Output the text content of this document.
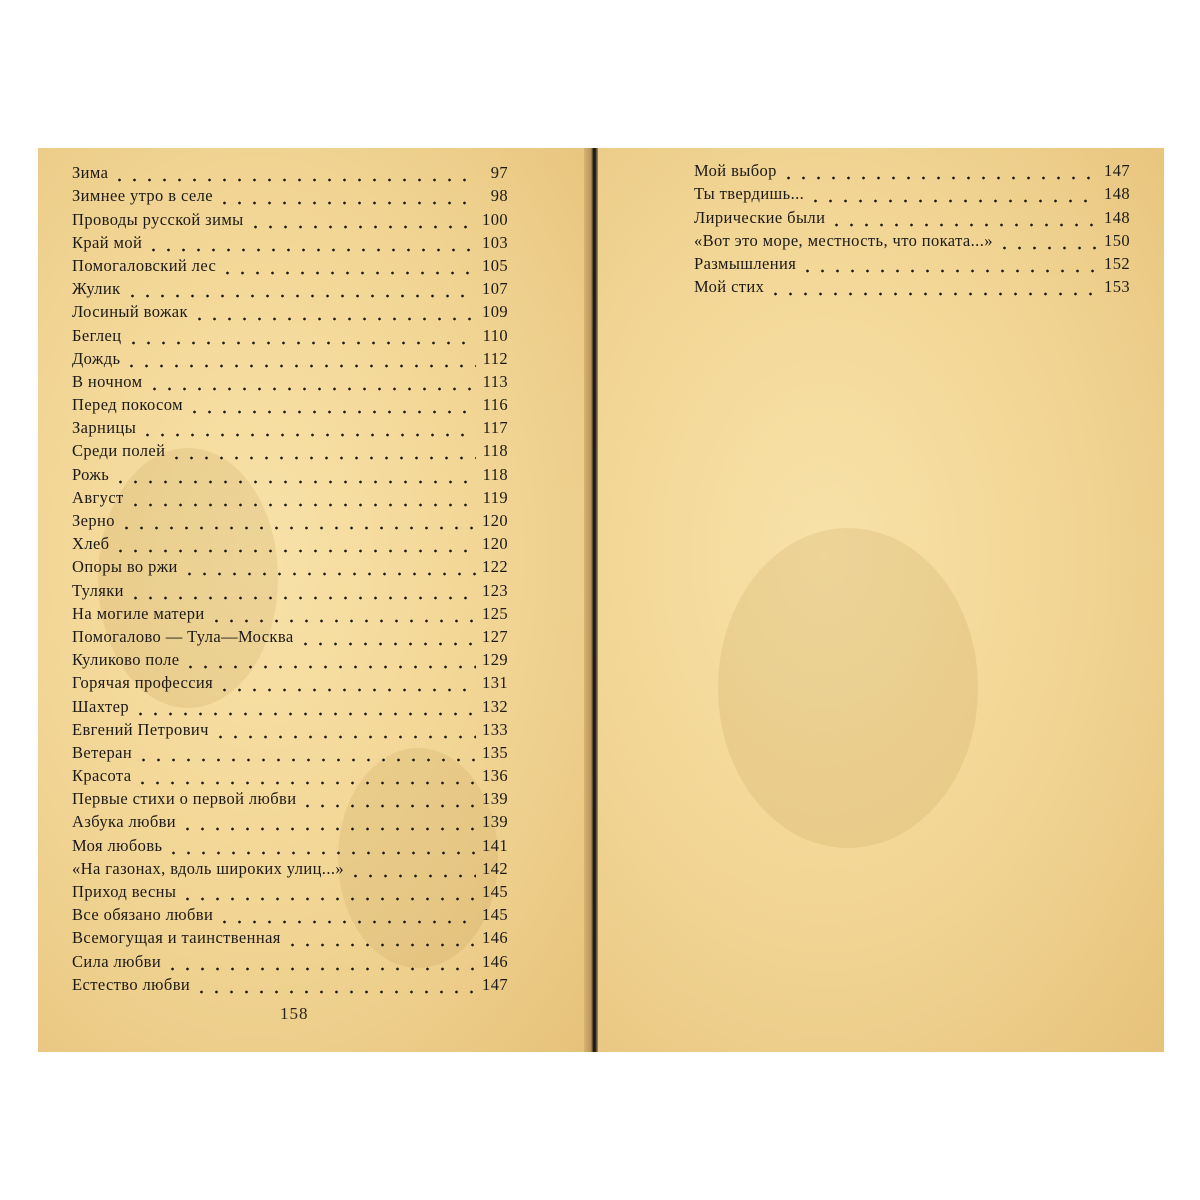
Зима	97
Зимнее утро в селе	98
Проводы русской зимы	100
Край мой	103
Помогаловский лес	105
Жулик	107
Лосиный вожак	109
Беглец	110
Дождь	112
В ночном	113
Перед покосом	116
Зарницы	117
Среди полей	118
Рожь	118
Август	119
Зерно	120
Хлеб	120
Опоры во ржи	122
Туляки	123
На могиле матери	125
Помогалово — Тула—Москва	127
Куликово поле	129
Горячая профессия	131
Шахтер	132
Евгений Петрович	133
Ветеран	135
Красота	136
Первые стихи о первой любви	139
Азбука любви	139
Моя любовь	141
«На газонах, вдоль широких улиц...»	142
Приход весны	145
Все обязано любви	145
Всемогущая и таинственная	146
Сила любви	146
Естество любви	147
158
Мой выбор	147
Ты твердишь...	148
Лирические были	148
«Вот это море, местность, что поката...»	150
Размышления	152
Мой стих	153
